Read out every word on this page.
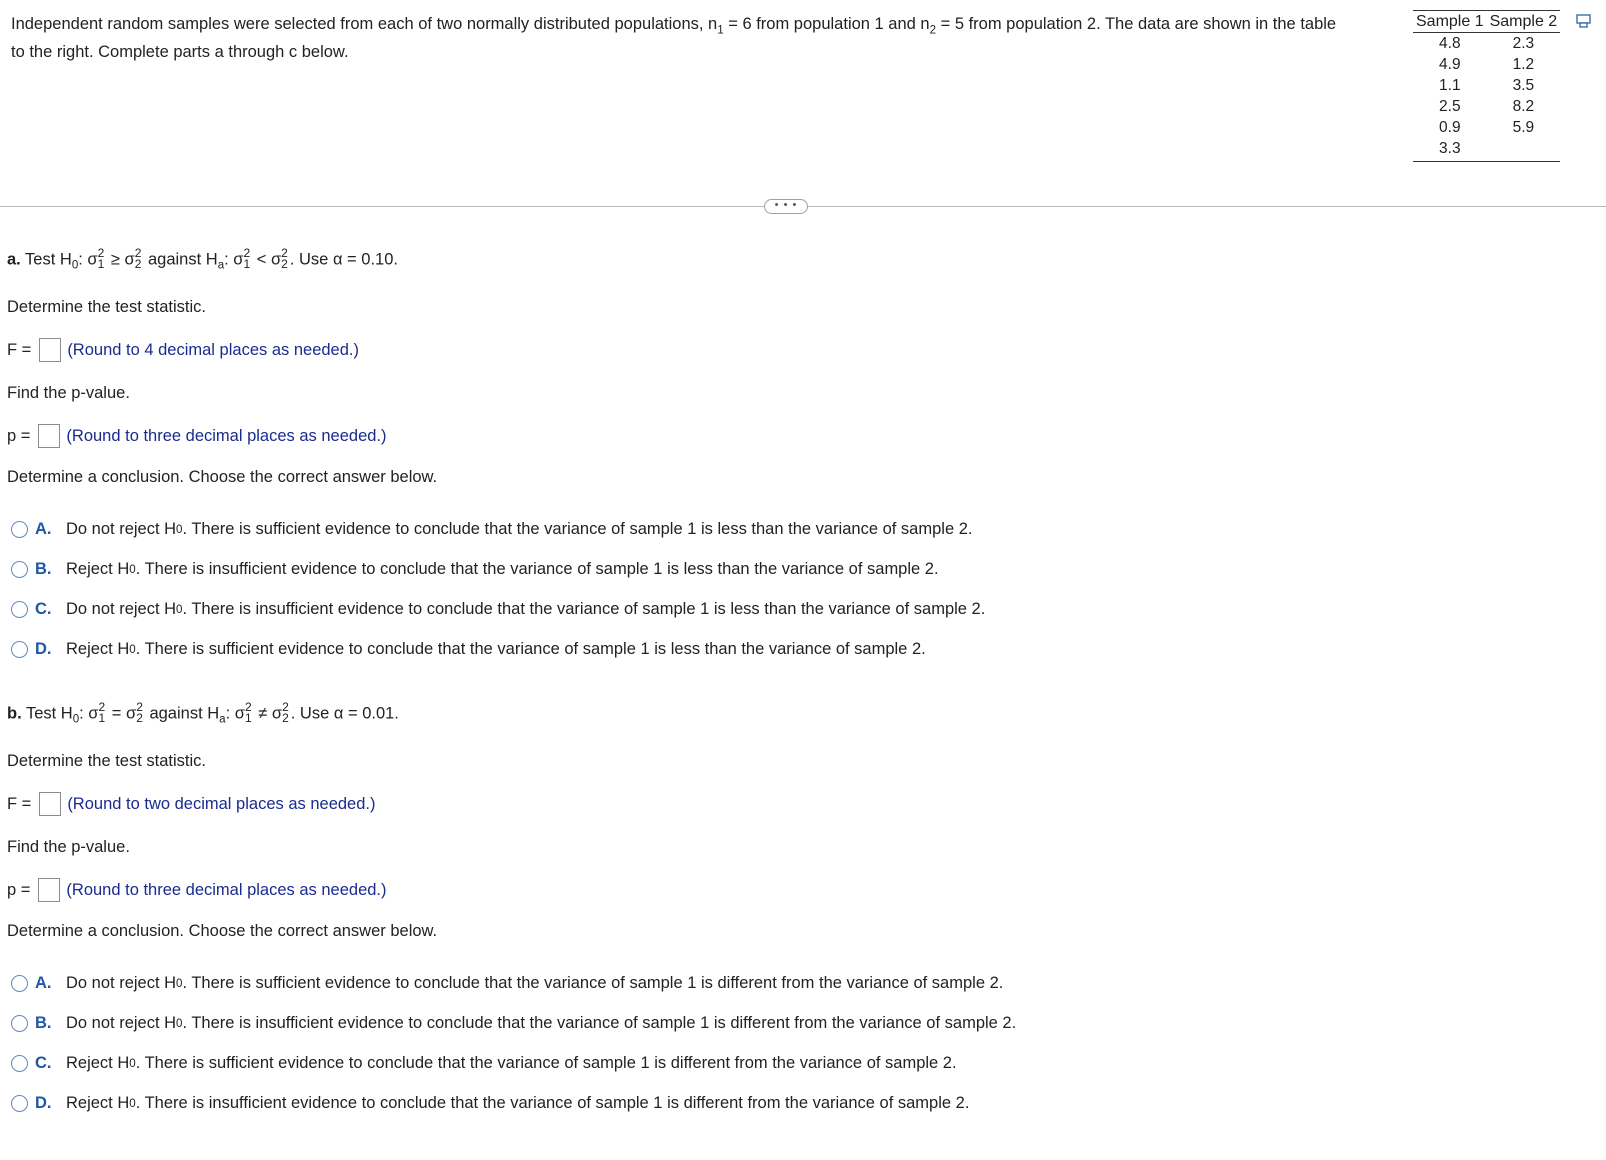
Independent random samples were selected from each of two normally distributed populations, $n_1 = 6$ from population 1 and $n_2 = 5$ from population 2. The data are shown in the table
to the right. Complete parts a through c below.
Sample 1	Sample 2
4.8	2.3
4.9	1.2
1.1	3.5
2.5	8.2
0.9	5.9
3.3	
• • •
a. Test $H_0$: σ 2
1 ≥ σ 2
2 against $H_a$: σ 2
1 < σ 2
2 . Use α = 0.10.
Determine the test statistic.
F = (Round to 4 decimal places as needed.)
Find the p-value.
p = (Round to three decimal places as needed.)
Determine a conclusion. Choose the correct answer below.
A. Do not reject H 0 . There is sufficient evidence to conclude that the variance of sample 1 is less than the variance of sample 2.
B. Reject H 0 . There is insufficient evidence to conclude that the variance of sample 1 is less than the variance of sample 2.
C. Do not reject H 0 . There is insufficient evidence to conclude that the variance of sample 1 is less than the variance of sample 2.
D. Reject H 0 . There is sufficient evidence to conclude that the variance of sample 1 is less than the variance of sample 2.
b. Test $H_0$: σ 2
1 = σ 2
2 against $H_a$: σ 2
1 ≠ σ 2
2 . Use α = 0.01.
Determine the test statistic.
F = (Round to two decimal places as needed.)
Find the p-value.
p = (Round to three decimal places as needed.)
Determine a conclusion. Choose the correct answer below.
A. Do not reject H 0 . There is sufficient evidence to conclude that the variance of sample 1 is different from the variance of sample 2.
B. Do not reject H 0 . There is insufficient evidence to conclude that the variance of sample 1 is different from the variance of sample 2.
C. Reject H 0 . There is sufficient evidence to conclude that the variance of sample 1 is different from the variance of sample 2.
D. Reject H 0 . There is insufficient evidence to conclude that the variance of sample 1 is different from the variance of sample 2.
